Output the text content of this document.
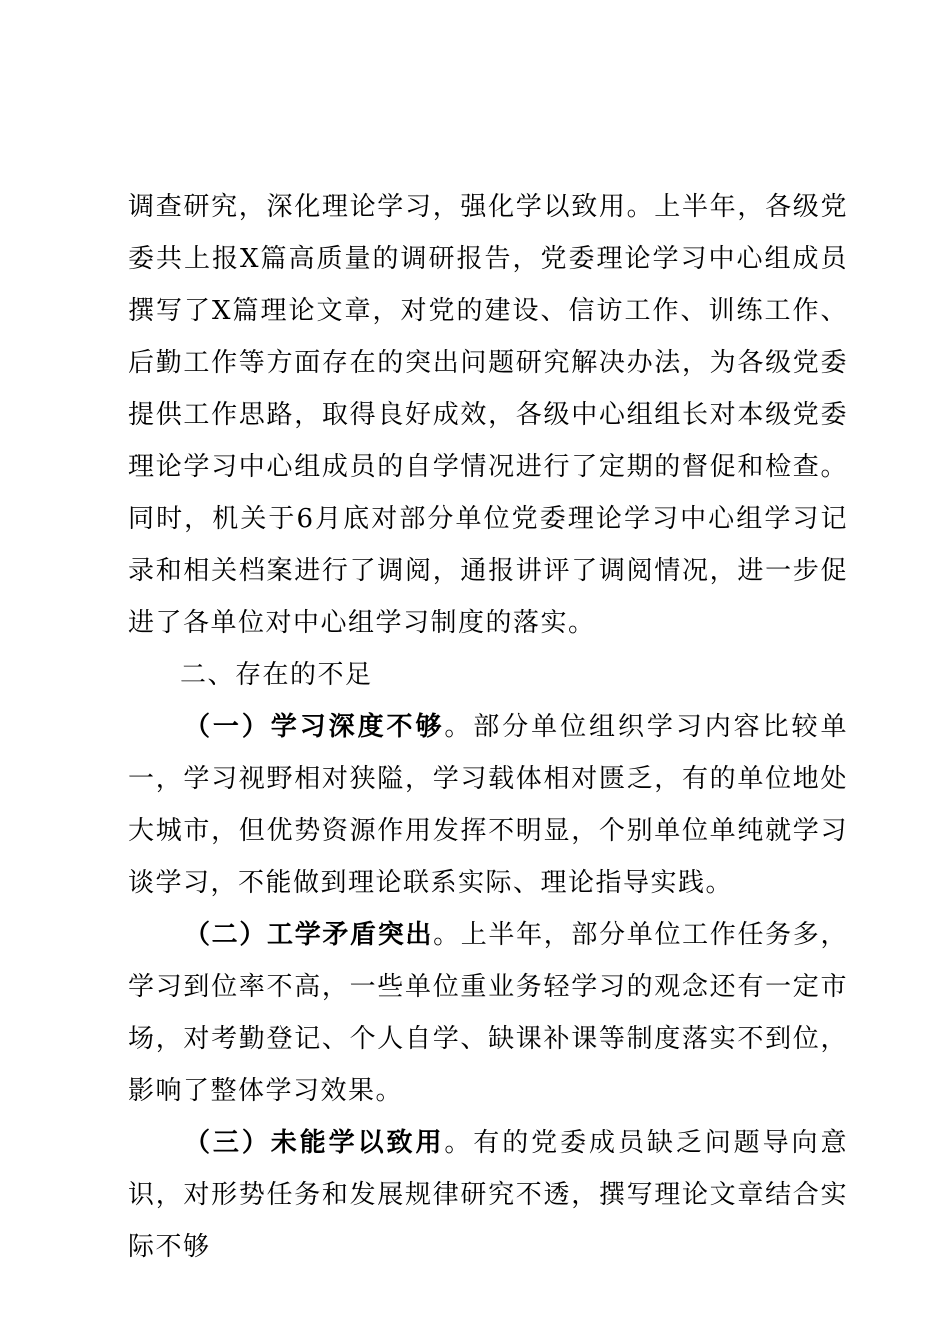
调查研究，深化理论学习，强化学以致用。上半年，各级党委共上报X篇高质量的调研报告，党委理论学习中心组成员撰写了X篇理论文章，对党的建设、信访工作、训练工作、后勤工作等方面存在的突出问题研究解决办法，为各级党委提供工作思路，取得良好成效，各级中心组组长对本级党委理论学习中心组成员的自学情况进行了定期的督促和检查。同时，机关于6月底对部分单位党委理论学习中心组学习记录和相关档案进行了调阅，通报讲评了调阅情况，进一步促进了各单位对中心组学习制度的落实。

二、存在的不足

（一）学习深度不够。部分单位组织学习内容比较单一，学习视野相对狭隘，学习载体相对匮乏，有的单位地处大城市，但优势资源作用发挥不明显，个别单位单纯就学习谈学习，不能做到理论联系实际、理论指导实践。

（二）工学矛盾突出。上半年，部分单位工作任务多，学习到位率不高，一些单位重业务轻学习的观念还有一定市场，对考勤登记、个人自学、缺课补课等制度落实不到位，影响了整体学习效果。

（三）未能学以致用。有的党委成员缺乏问题导向意识，对形势任务和发展规律研究不透，撰写理论文章结合实际不够
